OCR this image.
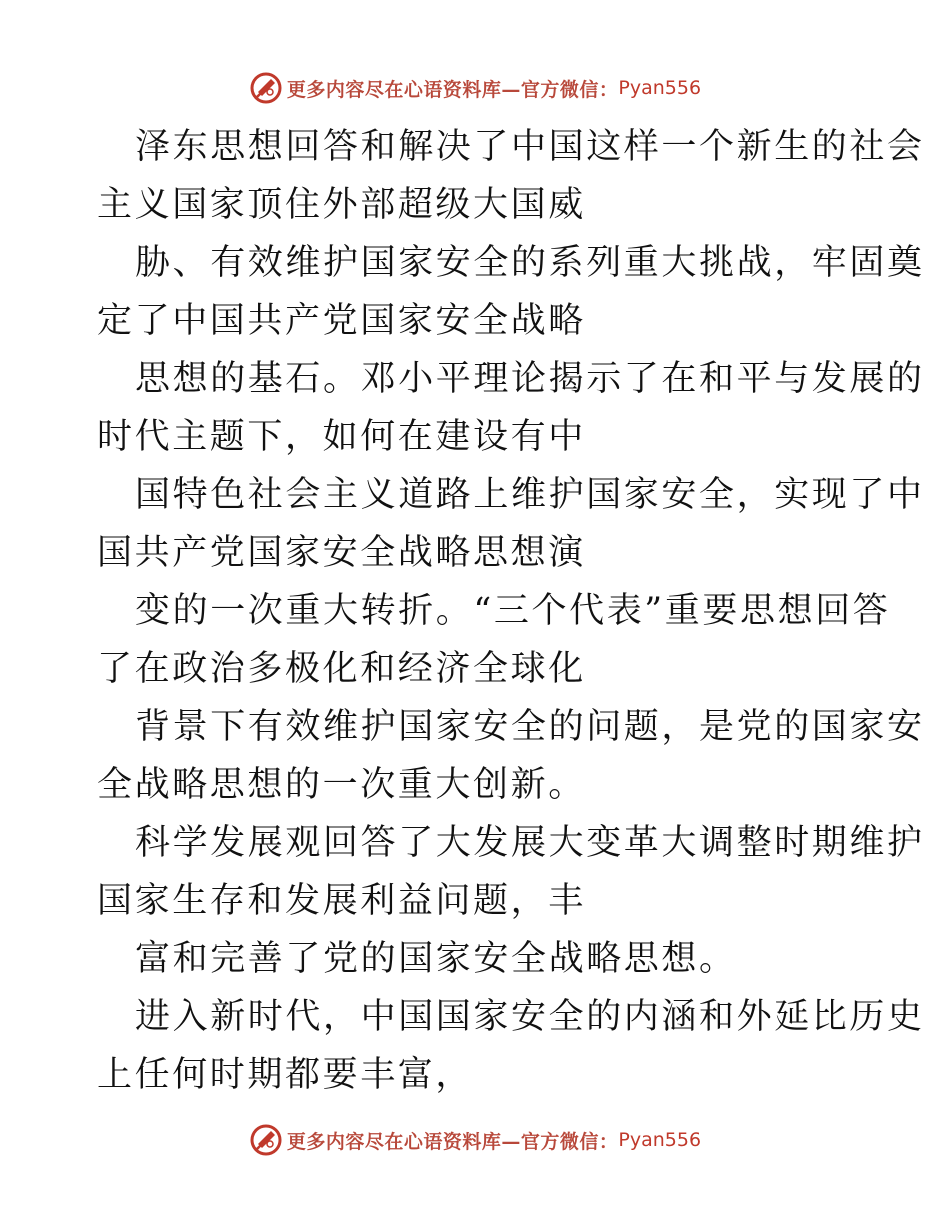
更多内容尽在心语资料库—官方微信： Pyan556
泽东思想回答和解决了中国这样一个新生的社会
主义国家顶住外部超级大国威
胁、有效维护国家安全的系列重大挑战，牢固奠
定了中国共产党国家安全战略
思想的基石。邓小平理论揭示了在和平与发展的
时代主题下，如何在建设有中
国特色社会主义道路上维护国家安全，实现了中
国共产党国家安全战略思想演
变的一次重大转折。“三个代表”重要思想回答
了在政治多极化和经济全球化
背景下有效维护国家安全的问题，是党的国家安
全战略思想的一次重大创新。
科学发展观回答了大发展大变革大调整时期维护
国家生存和发展利益问题，丰
富和完善了党的国家安全战略思想。
进入新时代，中国国家安全的内涵和外延比历史
上任何时期都要丰富，
更多内容尽在心语资料库—官方微信： Pyan556
